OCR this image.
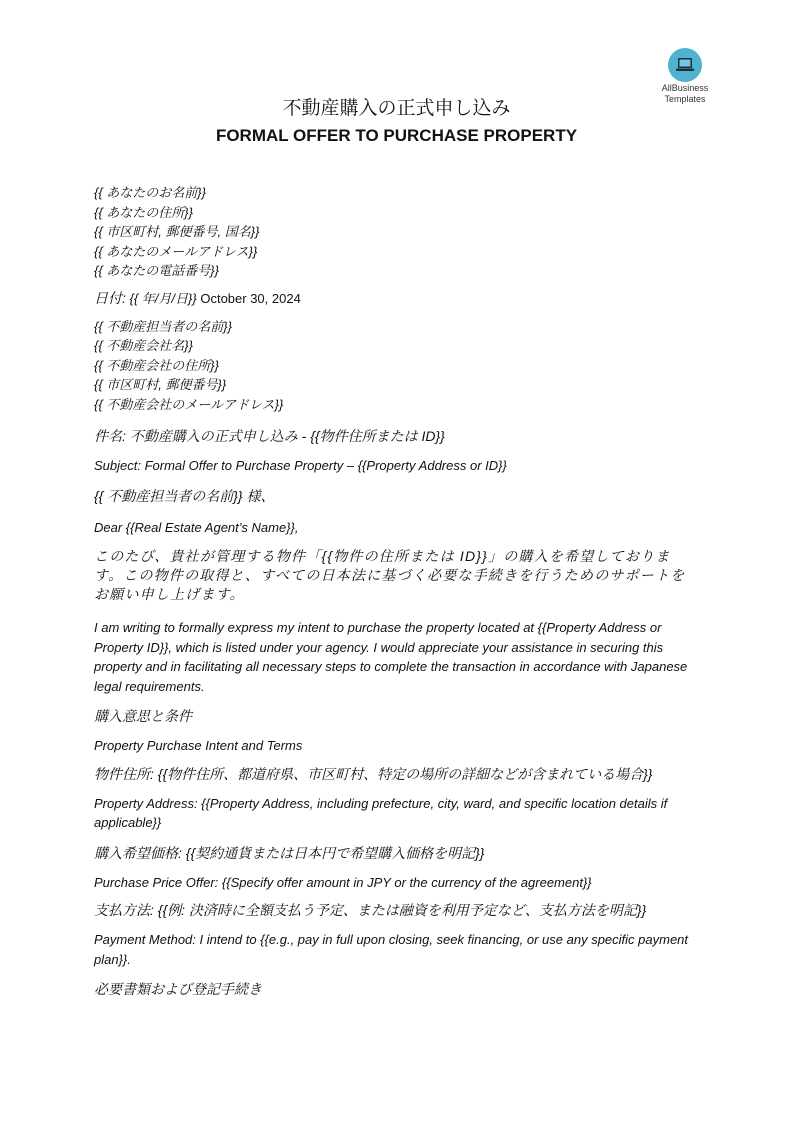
AllBusiness
Templates
不動産購入の正式申し込み
FORMAL OFFER TO PURCHASE PROPERTY
{{ あなたのお名前}}
{{ あなたの住所}}
{{ 市区町村, 郵便番号, 国名}}
{{ あなたのメールアドレス}}
{{ あなたの電話番号}}
日付: {{ 年/月/日}} October 30, 2024
{{ 不動産担当者の名前}}
{{ 不動産会社名}}
{{ 不動産会社の住所}}
{{ 市区町村, 郵便番号}}
{{ 不動産会社のメールアドレス}}
件名: 不動産購入の正式申し込み - {{物件住所または ID}}
Subject: Formal Offer to Purchase Property – {{Property Address or ID}}
{{ 不動産担当者の名前}} 様、
Dear {{Real Estate Agent’s Name}},
このたび、貴社が管理する物件「{{物件の住所または ID}}」の購入を希望しております。この物件の取得と、すべての日本法に基づく必要な手続きを行うためのサポートをお願い申し上げます。
I am writing to formally express my intent to purchase the property located at {{Property Address or Property ID}}, which is listed under your agency. I would appreciate your assistance in securing this property and in facilitating all necessary steps to complete the transaction in accordance with Japanese legal requirements.
購入意思と条件
Property Purchase Intent and Terms
物件住所: {{物件住所、都道府県、市区町村、特定の場所の詳細などが含まれている場合}}
Property Address: {{Property Address, including prefecture, city, ward, and specific location details if applicable}}
購入希望価格: {{契約通貨または日本円で希望購入価格を明記}}
Purchase Price Offer: {{Specify offer amount in JPY or the currency of the agreement}}
支払方法: {{例: 決済時に全額支払う予定、または融資を利用予定など、支払方法を明記}}
Payment Method: I intend to {{e.g., pay in full upon closing, seek financing, or use any specific payment plan}}.
必要書類および登記手続き
